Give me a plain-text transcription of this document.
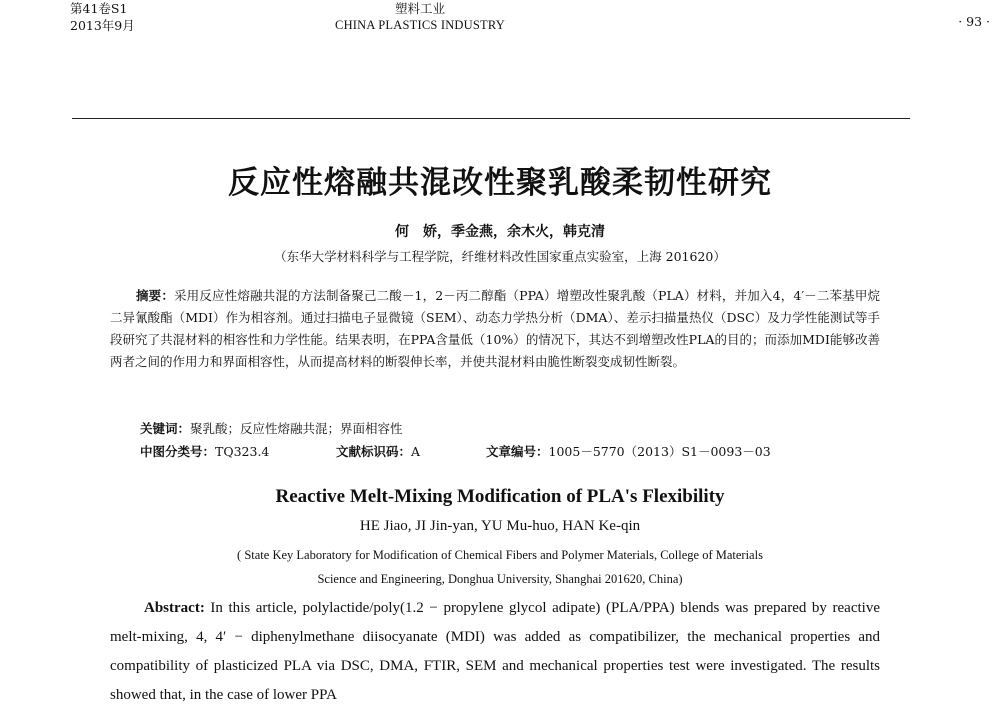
第41卷S1
2013年9月
塑料工业
CHINA PLASTICS INDUSTRY	· 93 ·
反应性熔融共混改性聚乳酸柔韧性研究
何　娇，季金燕，余木火，韩克清
（东华大学材料科学与工程学院，纤维材料改性国家重点实验室，上海 201620）
摘要：采用反应性熔融共混的方法制备聚己二酸－1，2－丙二醇酯（PPA）增塑改性聚乳酸（PLA）材料，并加入4，4′－二苯基甲烷二异氰酸酯（MDI）作为相容剂。通过扫描电子显微镜（SEM）、动态力学热分析（DMA）、差示扫描量热仪（DSC）及力学性能测试等手段研究了共混材料的相容性和力学性能。结果表明，在PPA含量低（10%）的情况下，其达不到增塑改性PLA的目的；而添加MDI能够改善两者之间的作用力和界面相容性，从而提高材料的断裂伸长率，并使共混材料由脆性断裂变成韧性断裂。
关键词：聚乳酸；反应性熔融共混；界面相容性
中图分类号：TQ323.4	文献标识码：A	文章编号：1005－5770（2013）S1－0093－03
Reactive Melt-Mixing Modification of PLA's Flexibility
HE Jiao, JI Jin-yan, YU Mu-huo, HAN Ke-qin
( State Key Laboratory for Modification of Chemical Fibers and Polymer Materials, College of Materials
Science and Engineering, Donghua University, Shanghai 201620, China)
Abstract: In this article, polylactide/poly(1.2 − propylene glycol adipate) (PLA/PPA) blends was prepared by reactive melt-mixing, 4, 4′ − diphenylmethane diisocyanate (MDI) was added as compatibilizer, the mechanical properties and compatibility of plasticized PLA via DSC, DMA, FTIR, SEM and mechanical properties test were investigated. The results showed that, in the case of lower PPA
